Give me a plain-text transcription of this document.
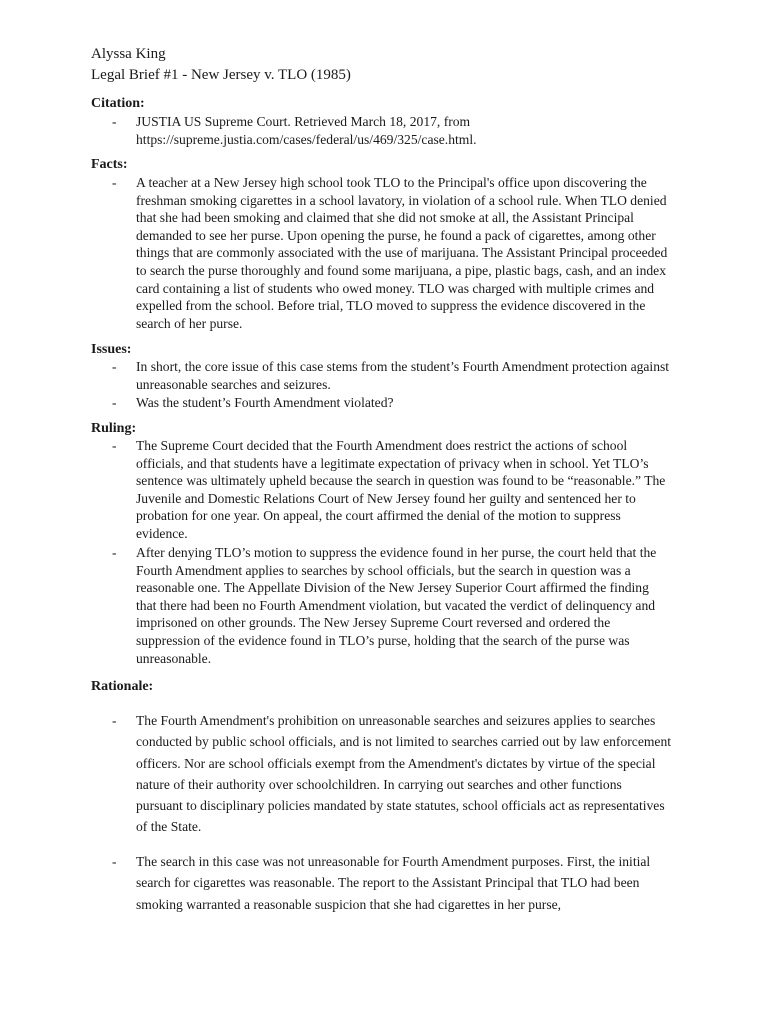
Alyssa King
Legal Brief #1 - New Jersey v. TLO (1985)
Citation:
-	JUSTIA US Supreme Court. Retrieved March 18, 2017, from https://supreme.justia.com/cases/federal/us/469/325/case.html.
Facts:
-	A teacher at a New Jersey high school took TLO to the Principal's office upon discovering the freshman smoking cigarettes in a school lavatory, in violation of a school rule. When TLO denied that she had been smoking and claimed that she did not smoke at all, the Assistant Principal demanded to see her purse. Upon opening the purse, he found a pack of cigarettes, among other things that are commonly associated with the use of marijuana. The Assistant Principal proceeded to search the purse thoroughly and found some marijuana, a pipe, plastic bags, cash, and an index card containing a list of students who owed money. TLO was charged with multiple crimes and expelled from the school. Before trial, TLO moved to suppress the evidence discovered in the search of her purse.
Issues:
-	In short, the core issue of this case stems from the student’s Fourth Amendment protection against unreasonable searches and seizures.
-	Was the student’s Fourth Amendment violated?
Ruling:
-	The Supreme Court decided that the Fourth Amendment does restrict the actions of school officials, and that students have a legitimate expectation of privacy when in school. Yet TLO’s sentence was ultimately upheld because the search in question was found to be “reasonable.” The Juvenile and Domestic Relations Court of New Jersey found her guilty and sentenced her to probation for one year. On appeal, the court affirmed the denial of the motion to suppress evidence.
-	After denying TLO’s motion to suppress the evidence found in her purse, the court held that the Fourth Amendment applies to searches by school officials, but the search in question was a reasonable one. The Appellate Division of the New Jersey Superior Court affirmed the finding that there had been no Fourth Amendment violation, but vacated the verdict of delinquency and imprisoned on other grounds. The New Jersey Supreme Court reversed and ordered the suppression of the evidence found in TLO’s purse, holding that the search of the purse was unreasonable.
Rationale:
-	The Fourth Amendment's prohibition on unreasonable searches and seizures applies to searches conducted by public school officials, and is not limited to searches carried out by law enforcement officers. Nor are school officials exempt from the Amendment's dictates by virtue of the special nature of their authority over schoolchildren. In carrying out searches and other functions pursuant to disciplinary policies mandated by state statutes, school officials act as representatives of the State.
-	The search in this case was not unreasonable for Fourth Amendment purposes. First, the initial search for cigarettes was reasonable. The report to the Assistant Principal that TLO had been smoking warranted a reasonable suspicion that she had cigarettes in her purse,
